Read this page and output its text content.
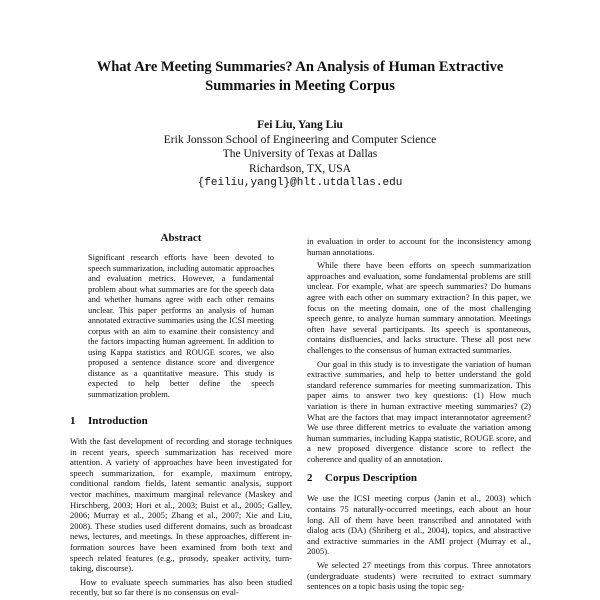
What Are Meeting Summaries? An Analysis of Human Extractive Summaries in Meeting Corpus
Fei Liu, Yang Liu
Erik Jonsson School of Engineering and Computer Science
The University of Texas at Dallas
Richardson, TX, USA
{feiliu,yangl}@hlt.utdallas.edu
Abstract

Significant research efforts have been devoted to speech summarization, including automatic approaches and evaluation metrics. However, a fundamental problem about what summaries are for the speech data and whether humans agree with each other remains unclear. This paper performs an analysis of human annotated extractive summaries using the ICSI meeting corpus with an aim to examine their consistency and the factors impacting human agreement. In addition to using Kappa statistics and ROUGE scores, we also proposed a sentence distance score and divergence distance as a quantitative measure. This study is expected to help better define the speech summarization problem.

1 Introduction

With the fast development of recording and storage techniques in recent years, speech summarization has received more attention. A variety of approaches have been investigated for speech summarization, for example, maximum entropy, conditional random fields, latent semantic analysis, support vector machines, maximum marginal relevance (Maskey and Hirschberg, 2003; Hori et al., 2003; Buist et al., 2005; Galley, 2006; Murray et al., 2005; Zhang et al., 2007; Xie and Liu, 2008). These studies used different domains, such as broadcast news, lectures, and meetings. In these approaches, different information sources have been examined from both text and speech related features (e.g., prosody, speaker activity, turn-taking, discourse).

How to evaluate speech summaries has also been studied recently, but so far there is no consensus on eval-

in evaluation in order to account for the inconsistency among human annotations.

While there have been efforts on speech summarization approaches and evaluation, some fundamental problems are still unclear. For example, what are speech summaries? Do humans agree with each other on summary extraction? In this paper, we focus on the meeting domain, one of the most challenging speech genre, to analyze human summary annotation. Meetings often have several participants. Its speech is spontaneous, contains disfluencies, and lacks structure. These all post new challenges to the consensus of human extracted summaries.

Our goal in this study is to investigate the variation of human extractive summaries, and help to better understand the gold standard reference summaries for meeting summarization. This paper aims to answer two key questions: (1) How much variation is there in human extractive meeting summaries? (2) What are the factors that may impact interannotator agreement? We use three different metrics to evaluate the variation among human summaries, including Kappa statistic, ROUGE score, and a new proposed divergence distance score to reflect the coherence and quality of an annotation.

2 Corpus Description

We use the ICSI meeting corpus (Janin et al., 2003) which contains 75 naturally-occurred meetings, each about an hour long. All of them have been transcribed and annotated with dialog acts (DA) (Shriberg et al., 2004), topics, and abstractive and extractive summaries in the AMI project (Murray et al., 2005).

We selected 27 meetings from this corpus. Three annotators (undergraduate students) were recruited to extract summary sentences on a topic basis using the topic seg-
